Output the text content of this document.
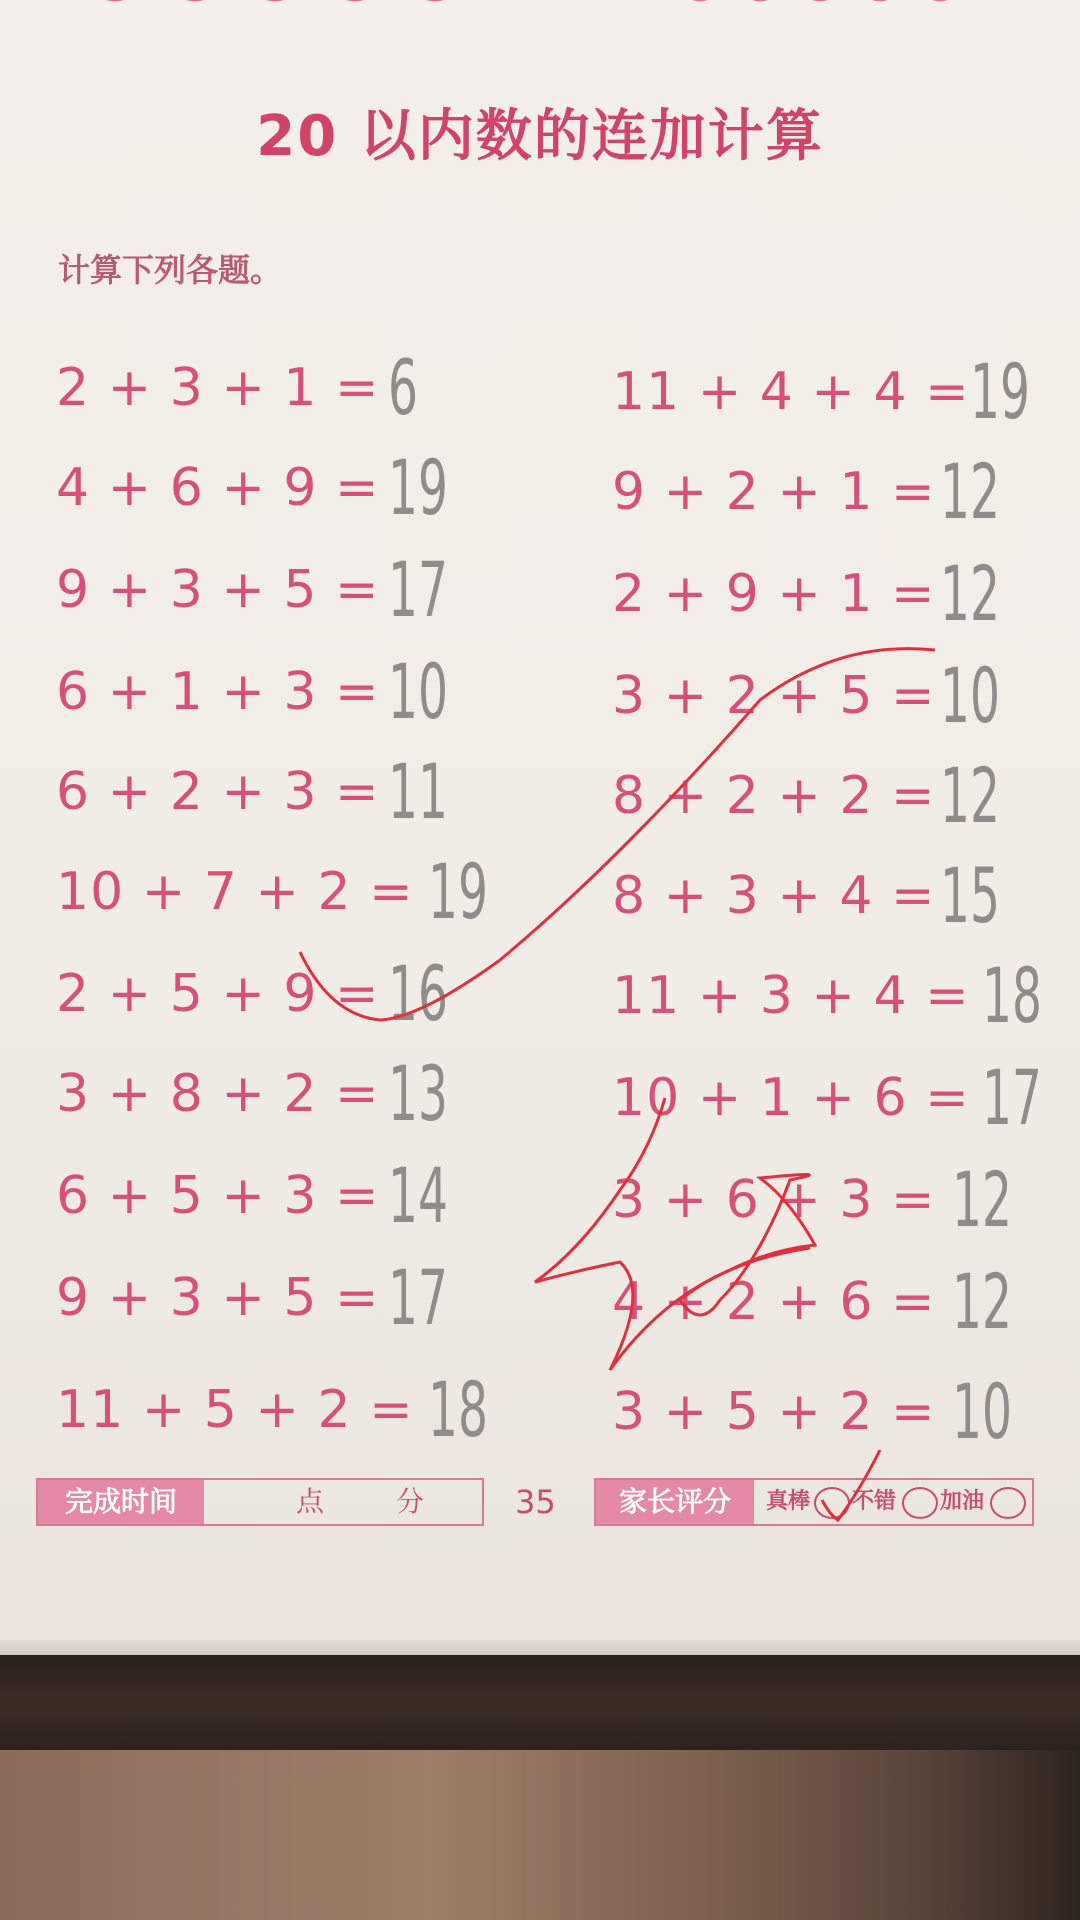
20 以内数的连加计算
计算下列各题。
2 + 3 + 1 = 6
4 + 6 + 9 = 19
9 + 3 + 5 = 17
6 + 1 + 3 = 10
6 + 2 + 3 = 11
10 + 7 + 2 = 19
2 + 5 + 9 = 16
3 + 8 + 2 = 13
6 + 5 + 3 = 14
9 + 3 + 5 = 17
11 + 5 + 2 = 18
11 + 4 + 4 = 19
9 + 2 + 1 = 12
2 + 9 + 1 = 12
3 + 2 + 5 = 10
8 + 2 + 2 = 12
8 + 3 + 4 = 15
11 + 3 + 4 = 18
10 + 1 + 6 = 17
3 + 6 + 3 = 12
4 + 2 + 6 = 12
3 + 5 + 2 = 10
完成时间	点	分	35	家长评分	真棒 不错 加油
